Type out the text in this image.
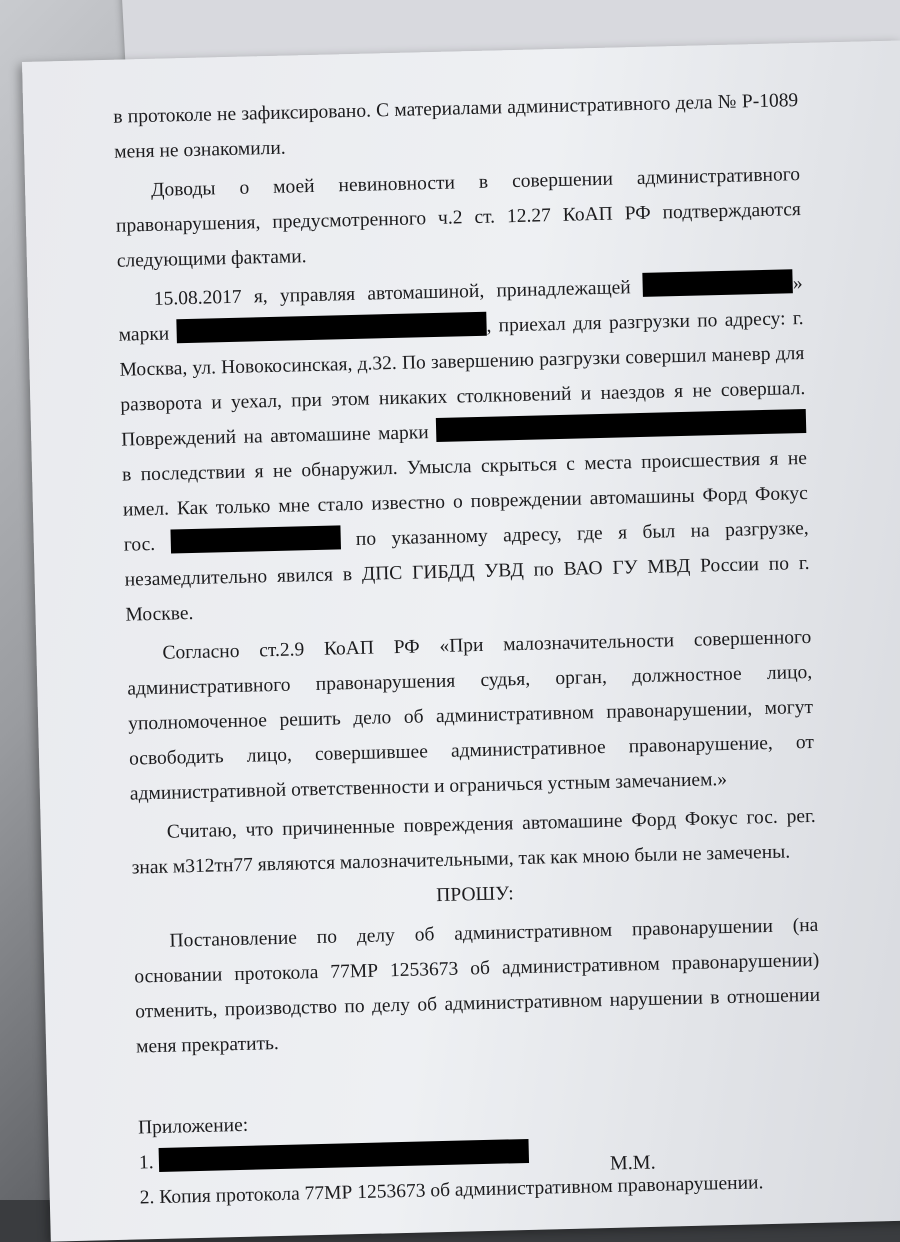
в протоколе не зафиксировано. С материалами административного дела № Р-1089 меня не ознакомили.

Доводы о моей невиновности в совершении административного правонарушения, предусмотренного ч.2 ст. 12.27 КоАП РФ подтверждаются следующими фактами.

15.08.2017 я, управляя автомашиной, принадлежащей	» марки	, приехал для разгрузки по адресу: г. Москва, ул. Новокосинская, д.32. По завершению разгрузки совершил маневр для разворота и уехал, при этом никаких столкновений и наездов я не совершал. Повреждений на автомашине марки  в последствии я не обнаружил. Умысла скрыться с места происшествия я не имел. Как только мне стало известно о повреждении автомашины Форд Фокус гос.	по указанному адресу, где я был на разгрузке, незамедлительно явился в ДПС ГИБДД УВД по ВАО ГУ МВД России по г. Москве.

Согласно ст.2.9 КоАП РФ «При малозначительности совершенного административного правонарушения судья, орган, должностное лицо, уполномоченное решить дело об административном правонарушении, могут освободить лицо, совершившее административное правонарушение, от административной ответственности и ограничься устным замечанием.»

Считаю, что причиненные повреждения автомашине Форд Фокус гос. рег. знак м312тн77 являются малозначительными, так как мною были не замечены.

ПРОШУ:

Постановление по делу об административном правонарушении (на основании протокола 77МР 1253673 об административном правонарушении) отменить, производство по делу об административном нарушении в отношении меня прекратить.

Приложение:

1.

2. Копия протокола 77МР 1253673 об административном правонарушении.

М.М.
